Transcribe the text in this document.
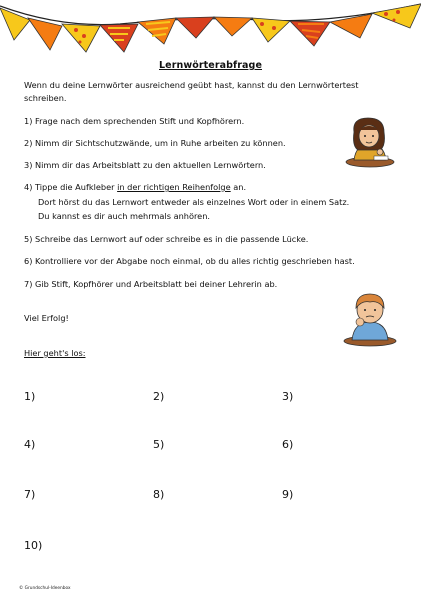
Lernwörterabfrage
Wenn du deine Lernwörter ausreichend geübt hast, kannst du den Lernwörtertest
schreiben.
1) Frage nach dem sprechenden Stift und Kopfhörern.
2) Nimm dir Sichtschutzwände, um in Ruhe arbeiten zu können.
3) Nimm dir das Arbeitsblatt zu den aktuellen Lernwörtern.
4) Tippe die Aufkleber in der richtigen Reihenfolge an.
Dort hörst du das Lernwort entweder als einzelnes Wort oder in einem Satz.
Du kannst es dir auch mehrmals anhören.
5) Schreibe das Lernwort auf oder schreibe es in die passende Lücke.
6) Kontrolliere vor der Abgabe noch einmal, ob du alles richtig geschrieben hast.
7) Gib Stift, Kopfhörer und Arbeitsblatt bei deiner Lehrerin ab.
Viel Erfolg!
Hier geht's los:
1)	2)	3)
4)	5)	6)
7)	8)	9)
10)
© Grundschul-Ideenbox
